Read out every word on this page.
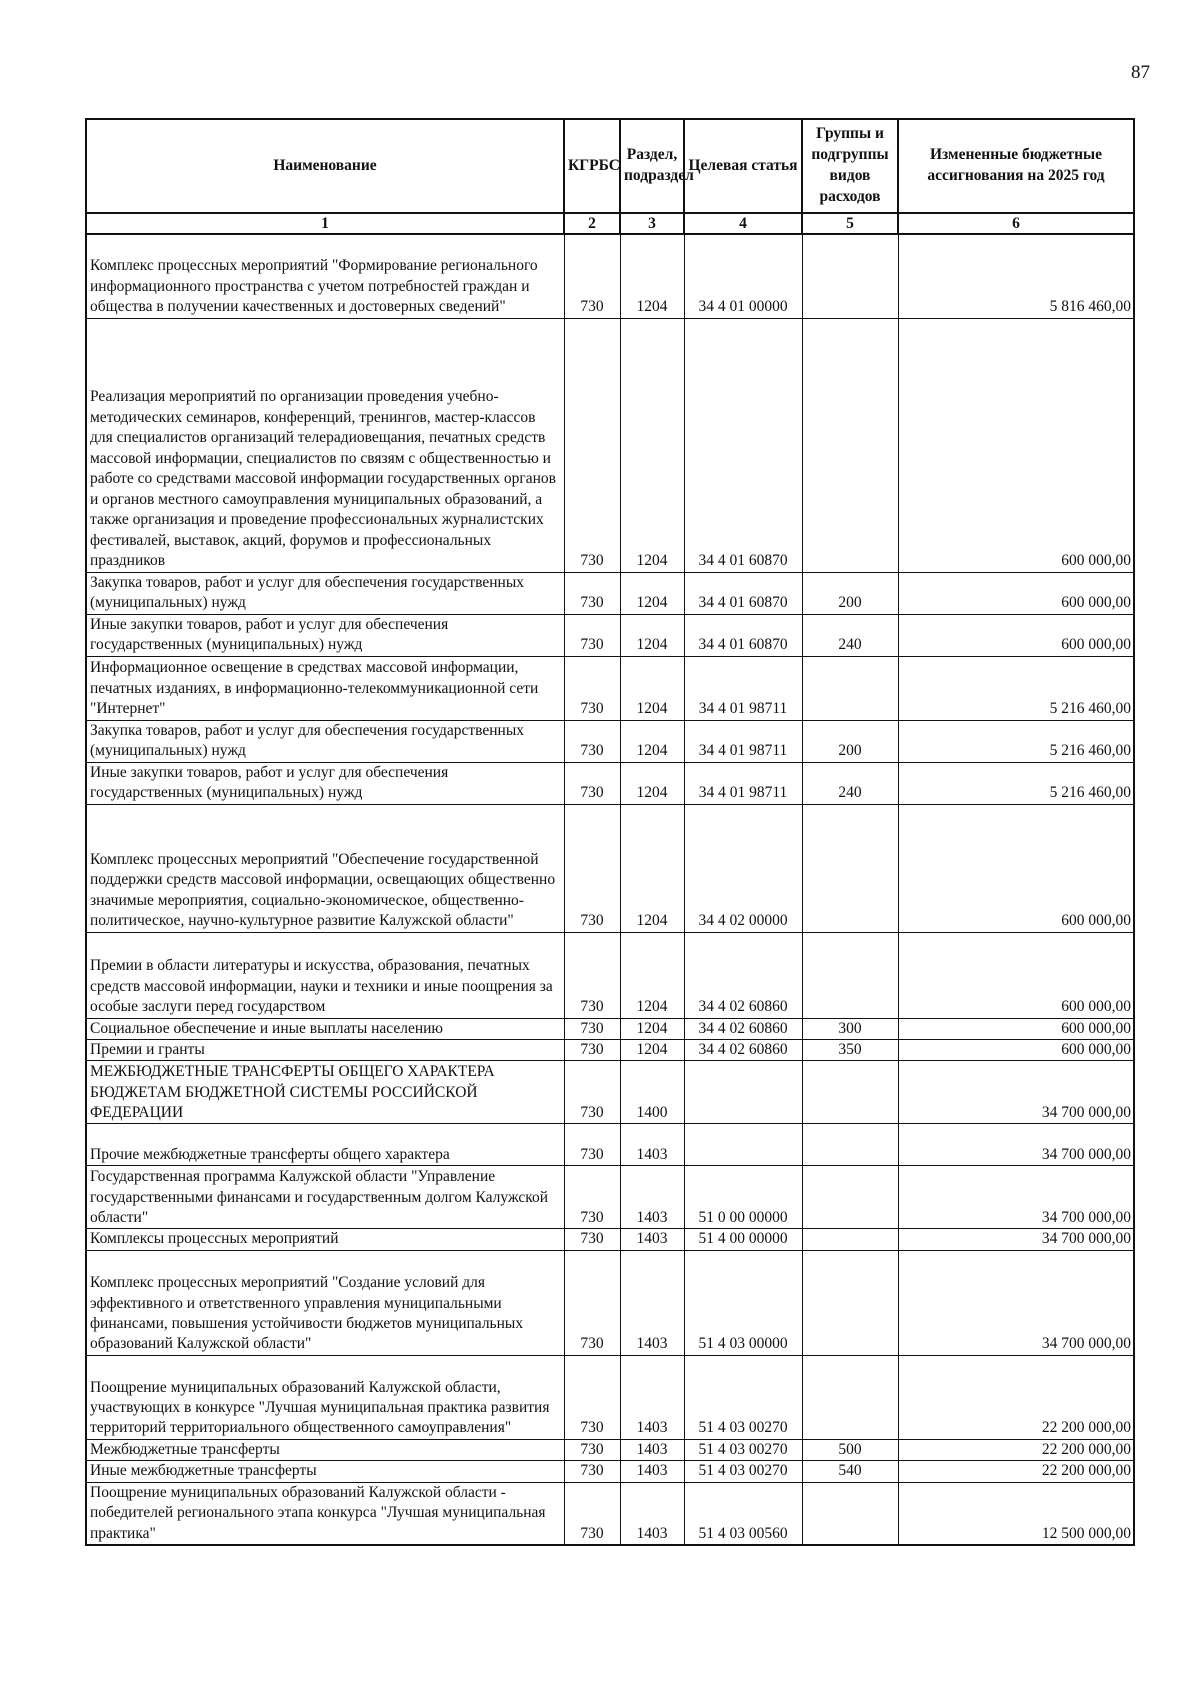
87
Наименование	КГРБС	Раздел, подраздел	Целевая статья	Группы и подгруппы видов расходов	Измененные бюджетные ассигнования на 2025 год
1	2	3	4	5	6
Комплекс процессных мероприятий "Формирование регионального информационного пространства с учетом потребностей граждан и общества в получении качественных и достоверных сведений"	730	1204	34 4 01 00000		5 816 460,00
Реализация мероприятий по организации проведения учебно-методических семинаров, конференций, тренингов, мастер-классов для специалистов организаций телерадиовещания, печатных средств массовой информации, специалистов по связям с общественностью и работе со средствами массовой информации государственных органов и органов местного самоуправления муниципальных образований, а также организация и проведение профессиональных журналистских фестивалей, выставок, акций, форумов и профессиональных праздников	730	1204	34 4 01 60870		600 000,00
Закупка товаров, работ и услуг для обеспечения государственных (муниципальных) нужд	730	1204	34 4 01 60870	200	600 000,00
Иные закупки товаров, работ и услуг для обеспечения государственных (муниципальных) нужд	730	1204	34 4 01 60870	240	600 000,00
Информационное освещение в средствах массовой информации, печатных изданиях, в информационно-телекоммуникационной сети "Интернет"	730	1204	34 4 01 98711		5 216 460,00
Закупка товаров, работ и услуг для обеспечения государственных (муниципальных) нужд	730	1204	34 4 01 98711	200	5 216 460,00
Иные закупки товаров, работ и услуг для обеспечения государственных (муниципальных) нужд	730	1204	34 4 01 98711	240	5 216 460,00
Комплекс процессных мероприятий "Обеспечение государственной поддержки средств массовой информации, освещающих общественно значимые мероприятия, социально-экономическое, общественно-политическое, научно-культурное развитие Калужской области"	730	1204	34 4 02 00000		600 000,00
Премии в области литературы и искусства, образования, печатных средств массовой информации, науки и техники и иные поощрения за особые заслуги перед государством	730	1204	34 4 02 60860		600 000,00
Социальное обеспечение и иные выплаты населению	730	1204	34 4 02 60860	300	600 000,00
Премии и гранты	730	1204	34 4 02 60860	350	600 000,00
МЕЖБЮДЖЕТНЫЕ ТРАНСФЕРТЫ ОБЩЕГО ХАРАКТЕРА БЮДЖЕТАМ БЮДЖЕТНОЙ СИСТЕМЫ РОССИЙСКОЙ ФЕДЕРАЦИИ	730	1400			34 700 000,00
Прочие межбюджетные трансферты общего характера	730	1403			34 700 000,00
Государственная программа Калужской области "Управление государственными финансами и государственным долгом Калужской области"	730	1403	51 0 00 00000		34 700 000,00
Комплексы процессных мероприятий	730	1403	51 4 00 00000		34 700 000,00
Комплекс процессных мероприятий "Создание условий для эффективного и ответственного управления муниципальными финансами, повышения устойчивости бюджетов муниципальных образований Калужской области"	730	1403	51 4 03 00000		34 700 000,00
Поощрение муниципальных образований Калужской области, участвующих в конкурсе "Лучшая муниципальная практика развития территорий территориального общественного самоуправления"	730	1403	51 4 03 00270		22 200 000,00
Межбюджетные трансферты	730	1403	51 4 03 00270	500	22 200 000,00
Иные межбюджетные трансферты	730	1403	51 4 03 00270	540	22 200 000,00
Поощрение муниципальных образований Калужской области - победителей регионального этапа конкурса "Лучшая муниципальная практика"	730	1403	51 4 03 00560		12 500 000,00
